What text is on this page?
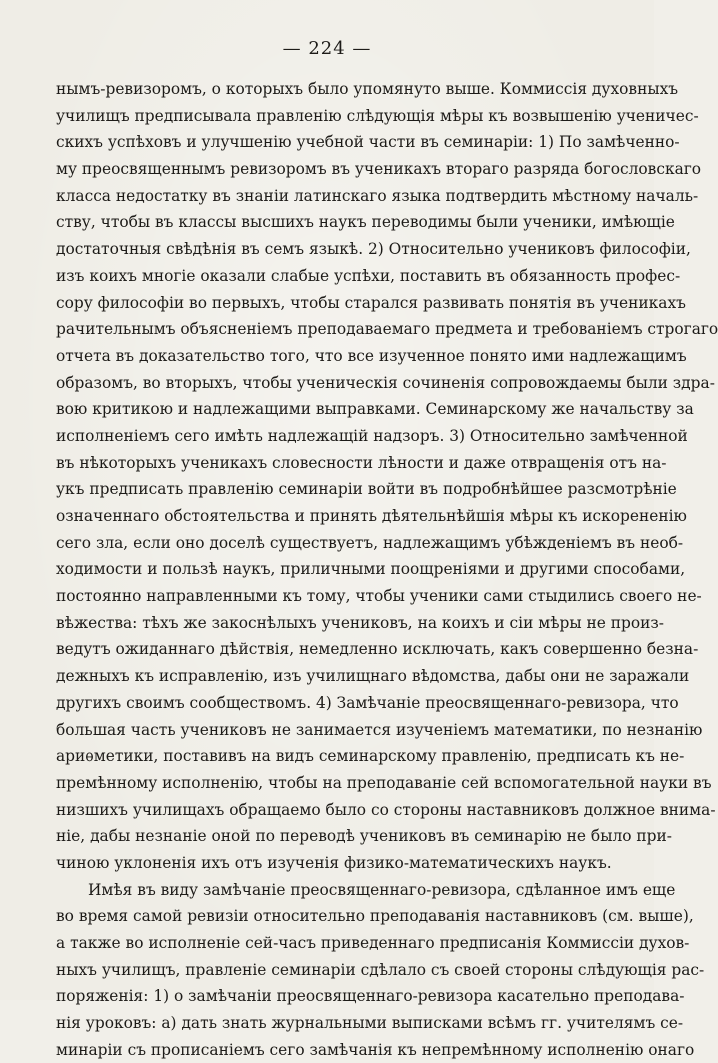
— 224 —
нымъ-ревизоромъ, о которыхъ было упомянуто выше. Коммиссія духовныхъ
училищъ предписывала правленію слѣдующія мѣры къ возвышенію ученичес-
скихъ успѣховъ и улучшенію учебной части въ семинаріи: 1) По замѣченно-
му преосвященнымъ ревизоромъ въ ученикахъ втораго разряда богословскаго
класса недостатку въ знаніи латинскаго языка подтвердить мѣстному началь-
ству, чтобы въ классы высшихъ наукъ переводимы были ученики, имѣющіе
достаточныя свѣдѣнія въ семъ языкѣ. 2) Относительно учениковъ философіи,
изъ коихъ многіе оказали слабые успѣхи, поставить въ обязанность профес-
сору философіи во первыхъ, чтобы старался развивать понятія въ ученикахъ
рачительнымъ объясненіемъ преподаваемаго предмета и требованіемъ строгаго
отчета въ доказательство того, что все изученное понято ими надлежащимъ
образомъ, во вторыхъ, чтобы ученическія сочиненія сопровождаемы были здра-
вою критикою и надлежащими выправками. Семинарскому же начальству за
исполненіемъ сего имѣть надлежащій надзоръ. 3) Относительно замѣченной
въ нѣкоторыхъ ученикахъ словесности лѣности и даже отвращенія отъ на-
укъ предписать правленію семинаріи войти въ подробнѣйшее разсмотрѣніе
означеннаго обстоятельства и принять дѣятельнѣйшія мѣры къ искорененію
сего зла, если оно доселѣ существуетъ, надлежащимъ убѣжденіемъ въ необ-
ходимости и пользѣ наукъ, приличными поощреніями и другими способами,
постоянно направленными къ тому, чтобы ученики сами стыдились своего не-
вѣжества: тѣхъ же закоснѣлыхъ учениковъ, на коихъ и сіи мѣры не произ-
ведутъ ожиданнаго дѣйствія, немедленно исключать, какъ совершенно безна-
дежныхъ къ исправленію, изъ училищнаго вѣдомства, дабы они не заражали
другихъ своимъ сообществомъ. 4) Замѣчаніе преосвященнаго-ревизора, что
большая часть учениковъ не занимается изученіемъ математики, по незнанію
ариѳметики, поставивъ на видъ семинарскому правленію, предписать къ не-
премѣнному исполненію, чтобы на преподаваніе сей вспомогательной науки въ
низшихъ училищахъ обращаемо было со стороны наставниковъ должное внима-
ніе, дабы незнаніе оной по переводѣ учениковъ въ семинарію не было при-
чиною уклоненія ихъ отъ изученія физико-математическихъ наукъ.
Имѣя въ виду замѣчаніе преосвященнаго-ревизора, сдѣланное имъ еще
во время самой ревизіи относительно преподаванія наставниковъ (см. выше),
а также во исполненіе сей-часъ приведеннаго предписанія Коммиссіи духов-
ныхъ училищъ, правленіе семинаріи сдѣлало съ своей стороны слѣдующія рас-
поряженія: 1) о замѣчаніи преосвященнаго-ревизора касательно преподава-
нія уроковъ: а) дать знать журнальными выписками всѣмъ гг. учителямъ се-
минаріи съ прописаніемъ сего замѣчанія къ непремѣнному исполненію онаго
